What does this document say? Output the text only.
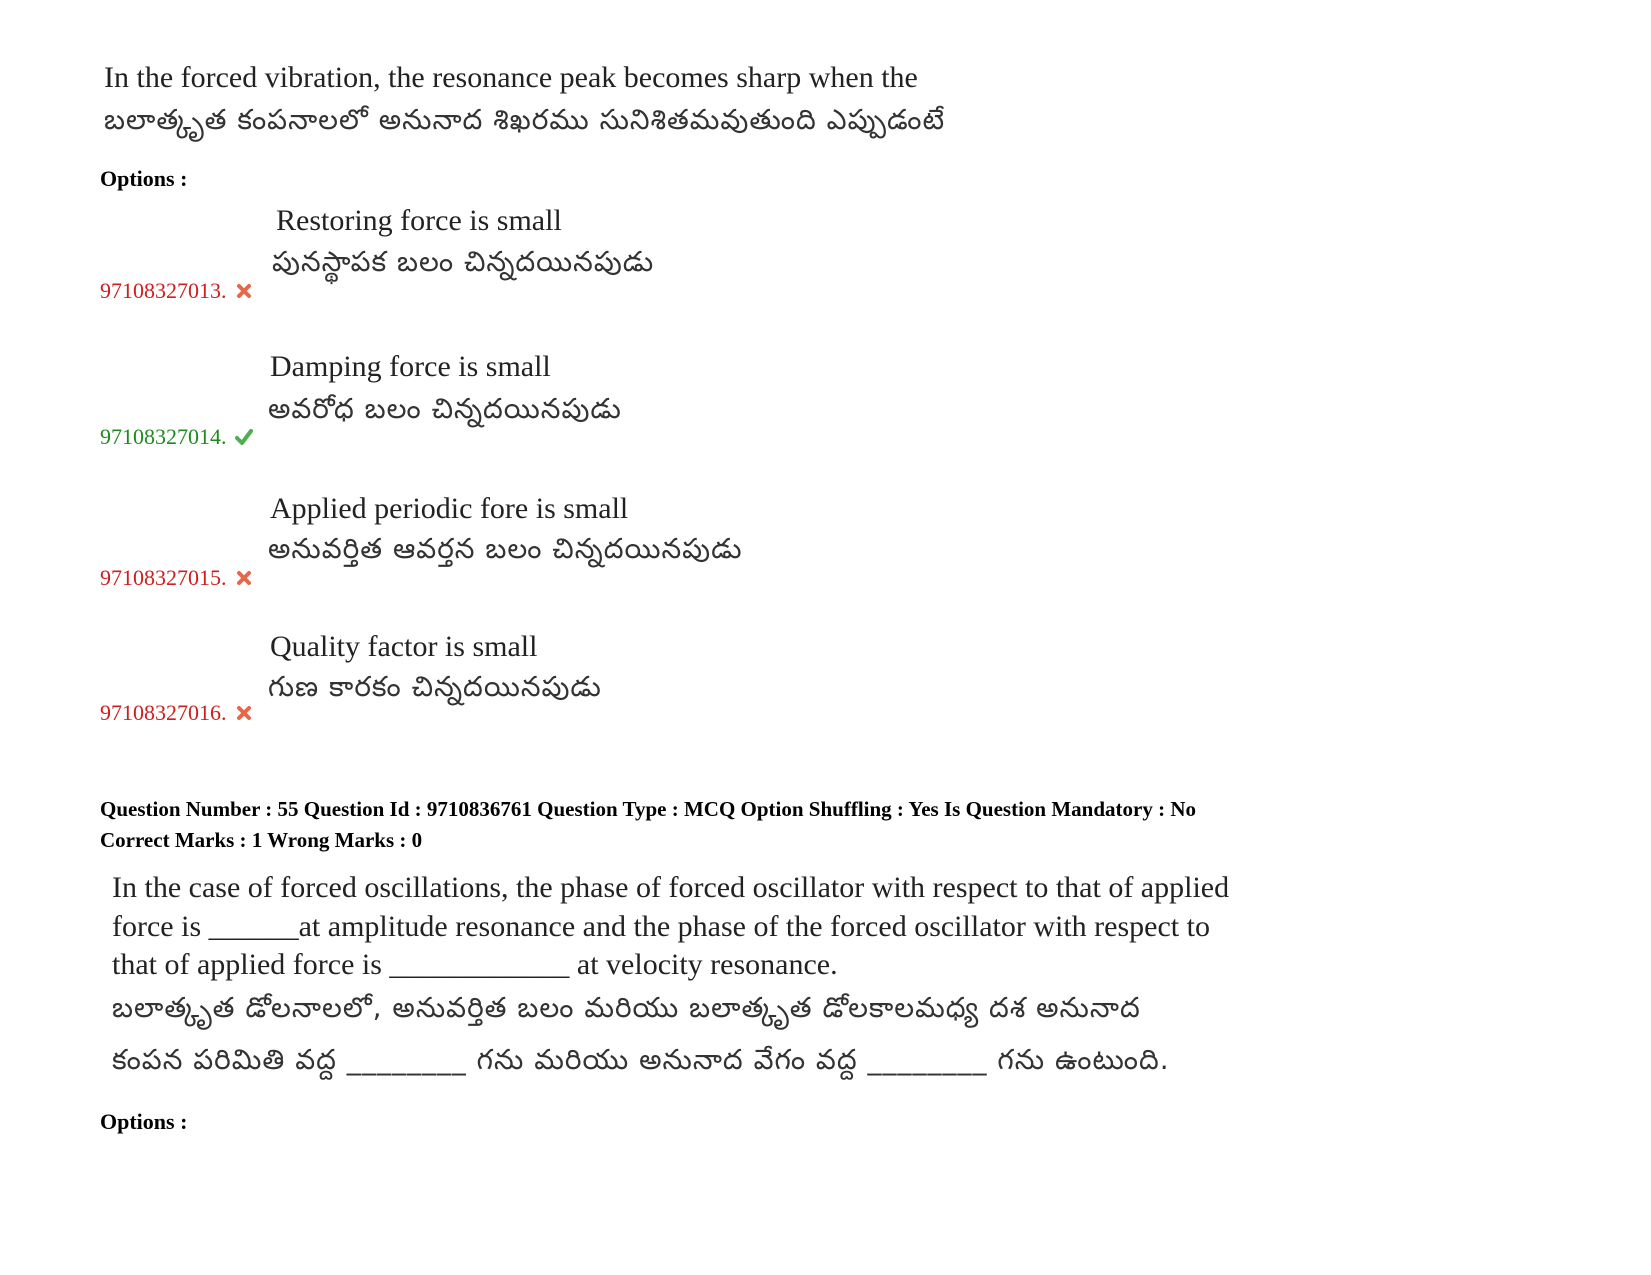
In the forced vibration, the resonance peak becomes sharp when the
బలాత్కృత కంపనాలలో అనునాద శిఖరము సునిశితమవుతుంది ఎప్పుడంటే
Options :
Restoring force is small
పునస్థాపక బలం చిన్నదయినపుడు
97108327013.
Damping force is small
అవరోధ బలం చిన్నదయినపుడు
97108327014.
Applied periodic fore is small
అనువర్తిత ఆవర్తన బలం చిన్నదయినపుడు
97108327015.
Quality factor is small
గుణ కారకం చిన్నదయినపుడు
97108327016.
Question Number : 55 Question Id : 9710836761 Question Type : MCQ Option Shuffling : Yes Is Question Mandatory : No
Correct Marks : 1 Wrong Marks : 0
In the case of forced oscillations, the phase of forced oscillator with respect to that of applied
force is ______at amplitude resonance and the phase of the forced oscillator with respect to
that of applied force is ____________ at velocity resonance.
బలాత్కృత డోలనాలలో, అనువర్తిత బలం మరియు బలాత్కృత డోలకాలమధ్య దశ అనునాద
కంపన పరిమితి వద్ద ________ గను మరియు అనునాద వేగం వద్ద ________ గను ఉంటుంది.
Options :
